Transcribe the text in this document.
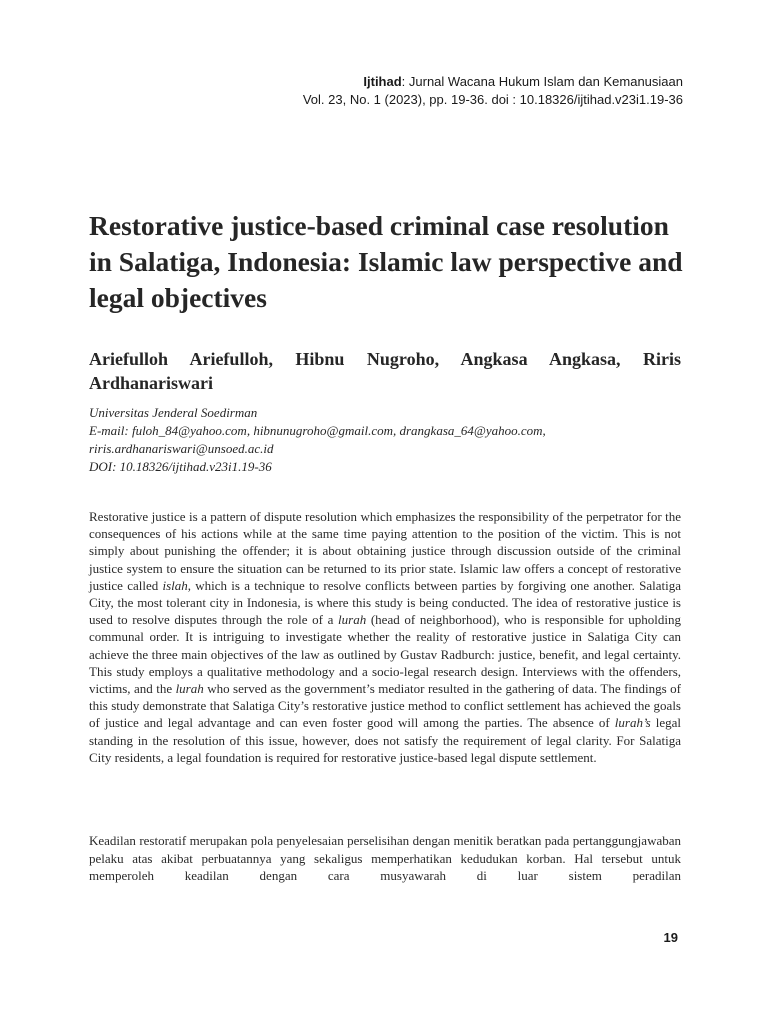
Ijtihad: Jurnal Wacana Hukum Islam dan Kemanusiaan
Vol. 23, No. 1 (2023), pp. 19-36. doi : 10.18326/ijtihad.v23i1.19-36
Restorative justice-based criminal case resolution in Salatiga, Indonesia: Islamic law perspective and legal objectives

Ariefulloh Ariefulloh, Hibnu Nugroho, Angkasa Angkasa, Riris Ardhanariswari

Universitas Jenderal Soedirman
E-mail: fuloh_84@yahoo.com, hibnunugroho@gmail.com, drangkasa_64@yahoo.com,
riris.ardhanariswari@unsoed.ac.id
DOI: 10.18326/ijtihad.v23i1.19-36

Restorative justice is a pattern of dispute resolution which emphasizes the responsibility of the perpetrator for the consequences of his actions while at the same time paying attention to the position of the victim. This is not simply about punishing the offender; it is about obtaining justice through discussion outside of the criminal justice system to ensure the situation can be returned to its prior state. Islamic law offers a concept of restorative justice called islah, which is a technique to resolve conflicts between parties by forgiving one another. Salatiga City, the most tolerant city in Indonesia, is where this study is being conducted. The idea of restorative justice is used to resolve disputes through the role of a lurah (head of neighborhood), who is responsible for upholding communal order. It is intriguing to investigate whether the reality of restorative justice in Salatiga City can achieve the three main objectives of the law as outlined by Gustav Radburch: justice, benefit, and legal certainty. This study employs a qualitative methodology and a socio-legal research design. Interviews with the offenders, victims, and the lurah who served as the government’s mediator resulted in the gathering of data. The findings of this study demonstrate that Salatiga City’s restorative justice method to conflict settlement has achieved the goals of justice and legal advantage and can even foster good will among the parties. The absence of lurah’s legal standing in the resolution of this issue, however, does not satisfy the requirement of legal clarity. For Salatiga City residents, a legal foundation is required for restorative justice-based legal dispute settlement.

Keadilan restoratif merupakan pola penyelesaian perselisihan dengan menitik beratkan pada pertanggungjawaban pelaku atas akibat perbuatannya yang sekaligus memperhatikan kedudukan korban. Hal tersebut untuk memperoleh keadilan dengan cara musyawarah di luar sistem peradilan

19
